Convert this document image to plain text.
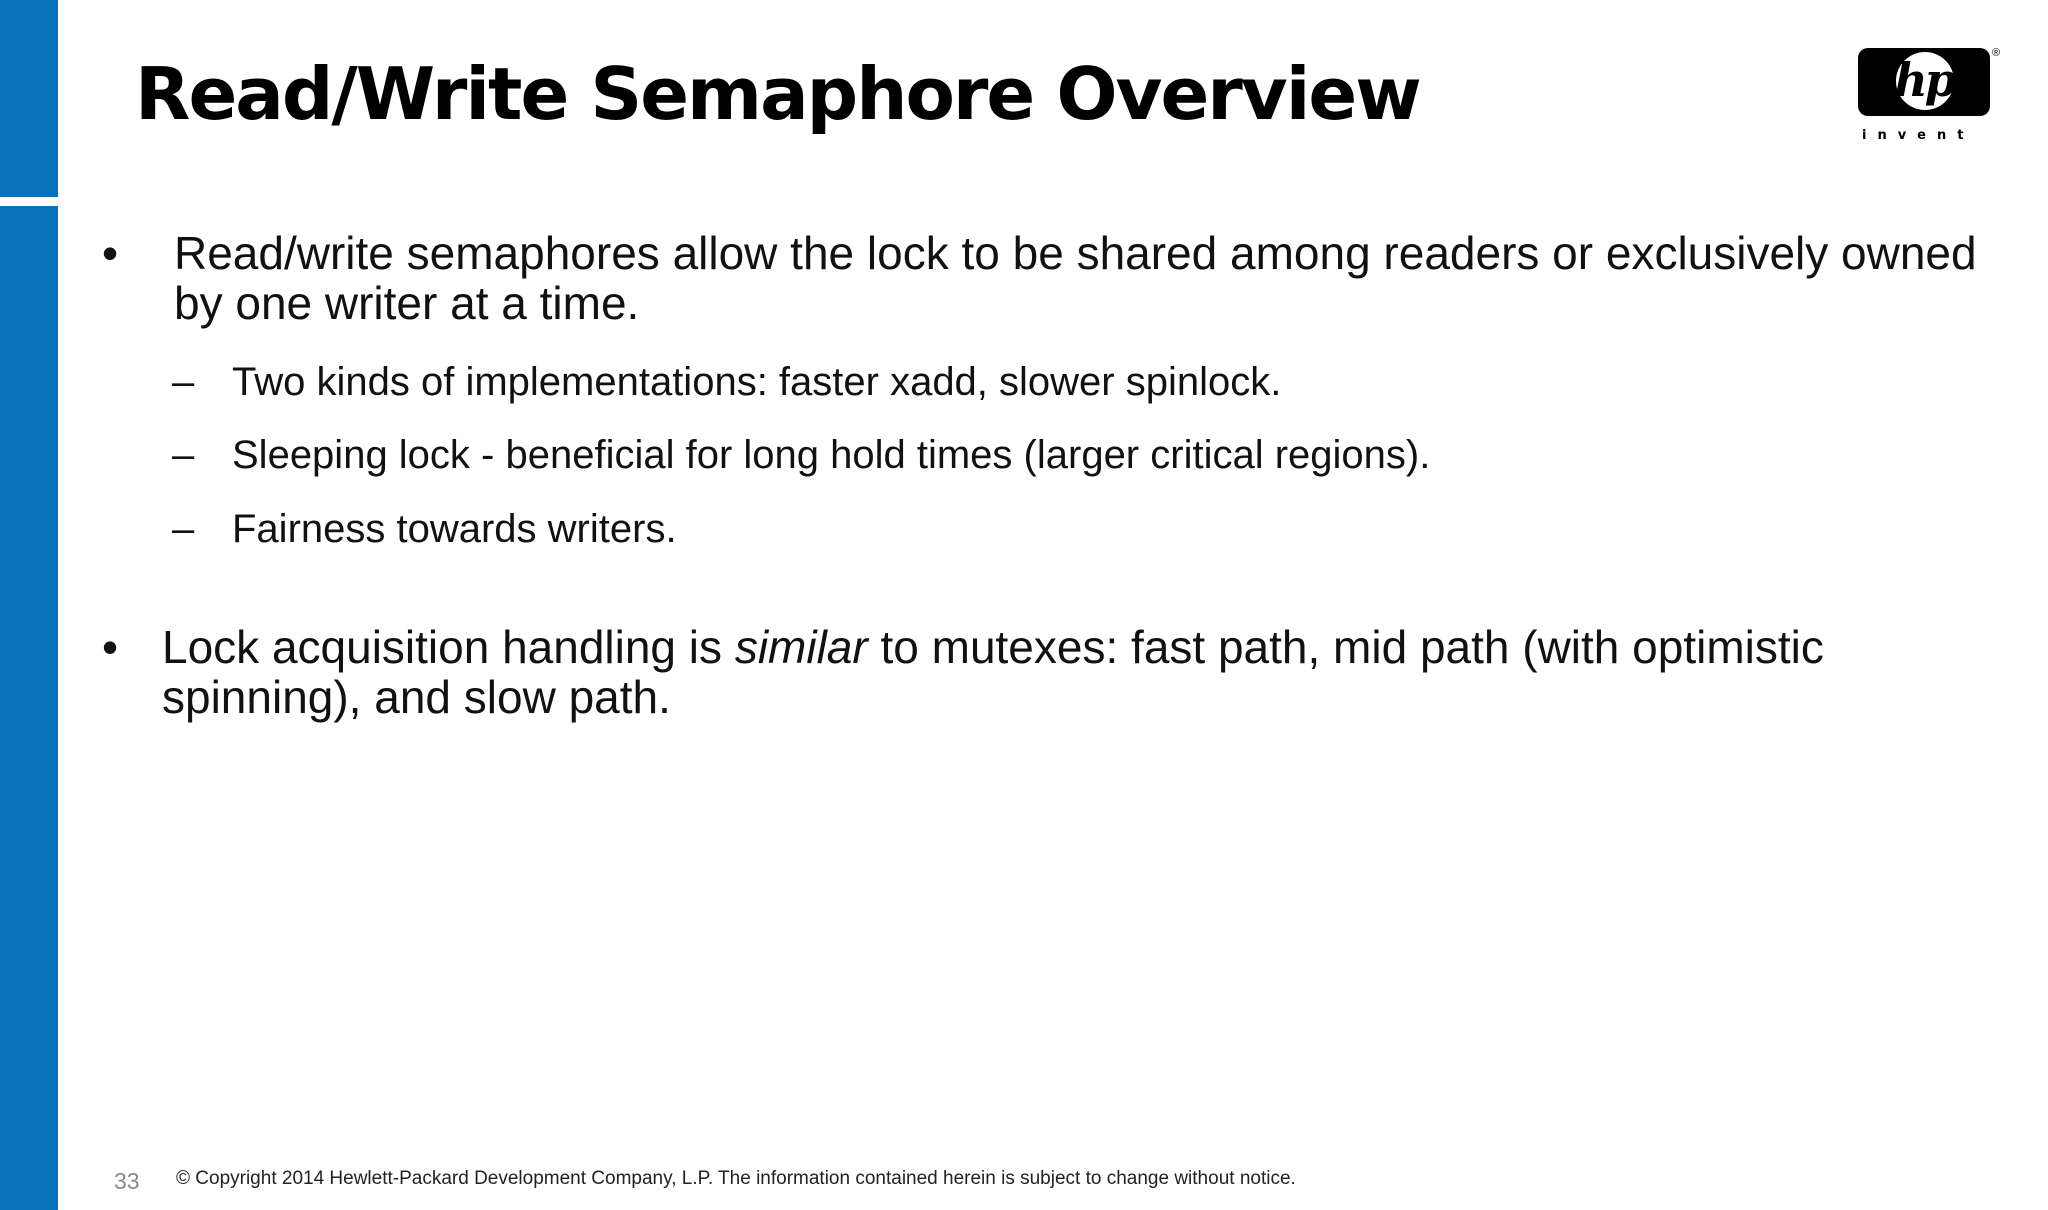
Read/Write Semaphore Overview	hp	®
invent
• Read/write semaphores allow the lock to be shared among readers or exclusively owned by one writer at a time.
– Two kinds of implementations: faster xadd, slower spinlock.
– Sleeping lock - beneficial for long hold times (larger critical regions).
– Fairness towards writers.
• Lock acquisition handling is similar to mutexes: fast path, mid path (with optimistic spinning), and slow path.
33 © Copyright 2014 Hewlett-Packard Development Company, L.P. The information contained herein is subject to change without notice.
